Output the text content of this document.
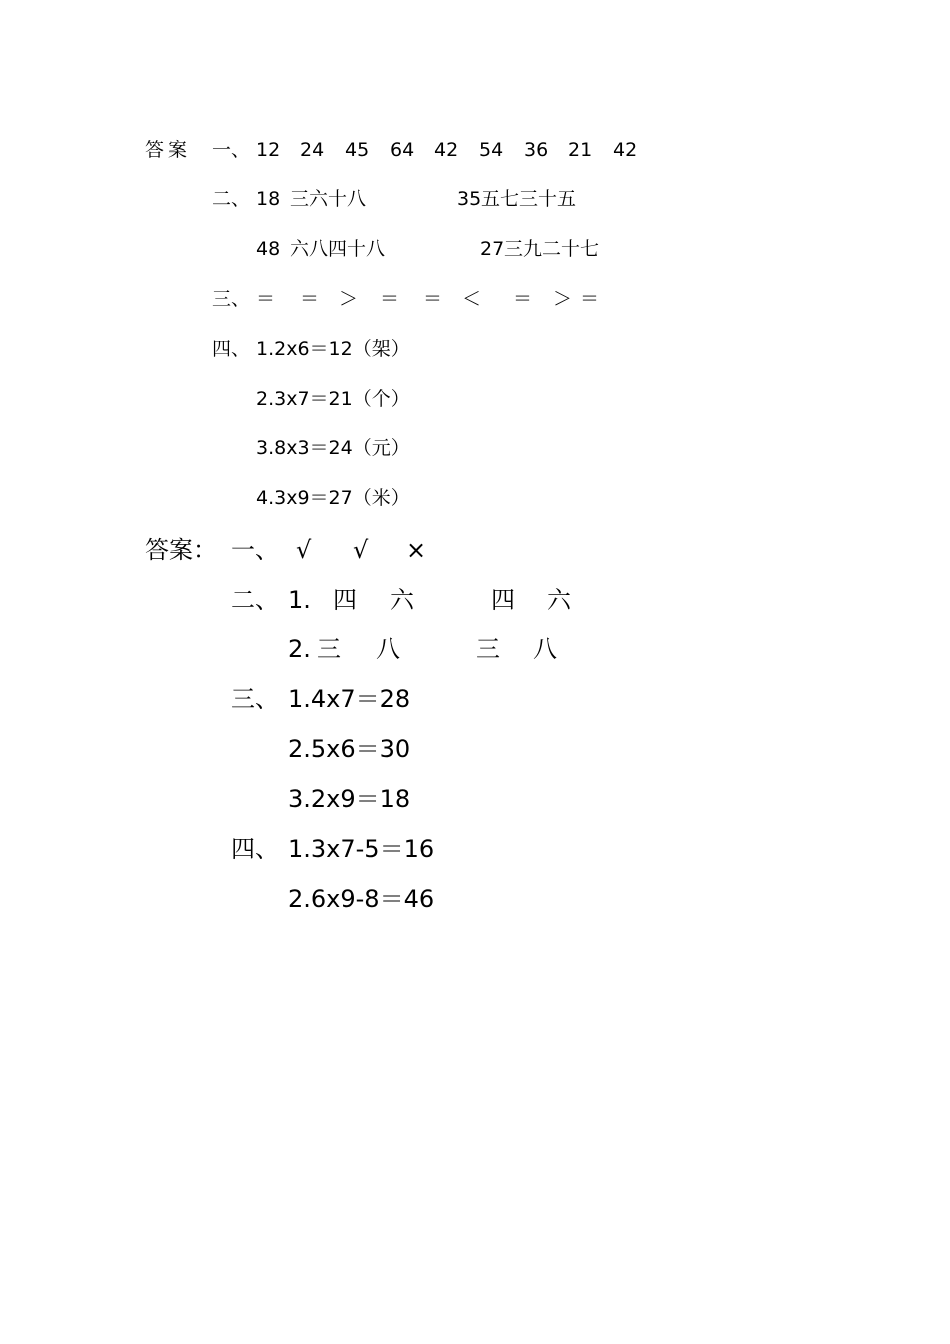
答案 一、 12 24 45 64 42 54 36 21 42
二、 18 三六十八	35 五七三十五
48 六八四十八	27 三九二十七
三、 ＝ ＝ ＞ ＝ ＝ ＜ ＝ ＞ ＝
四、 1.2x6＝12（架）
2.3x7＝21（个）
3.8x3＝24（元）
4.3x9＝27（米）
答案： 一、 √ √ ×
二、 1. 四 六	四 六
2. 三 八	三 八
三、 1.4x7＝28
2.5x6＝30
3.2x9＝18
四、 1.3x7-5＝16
2.6x9-8＝46
